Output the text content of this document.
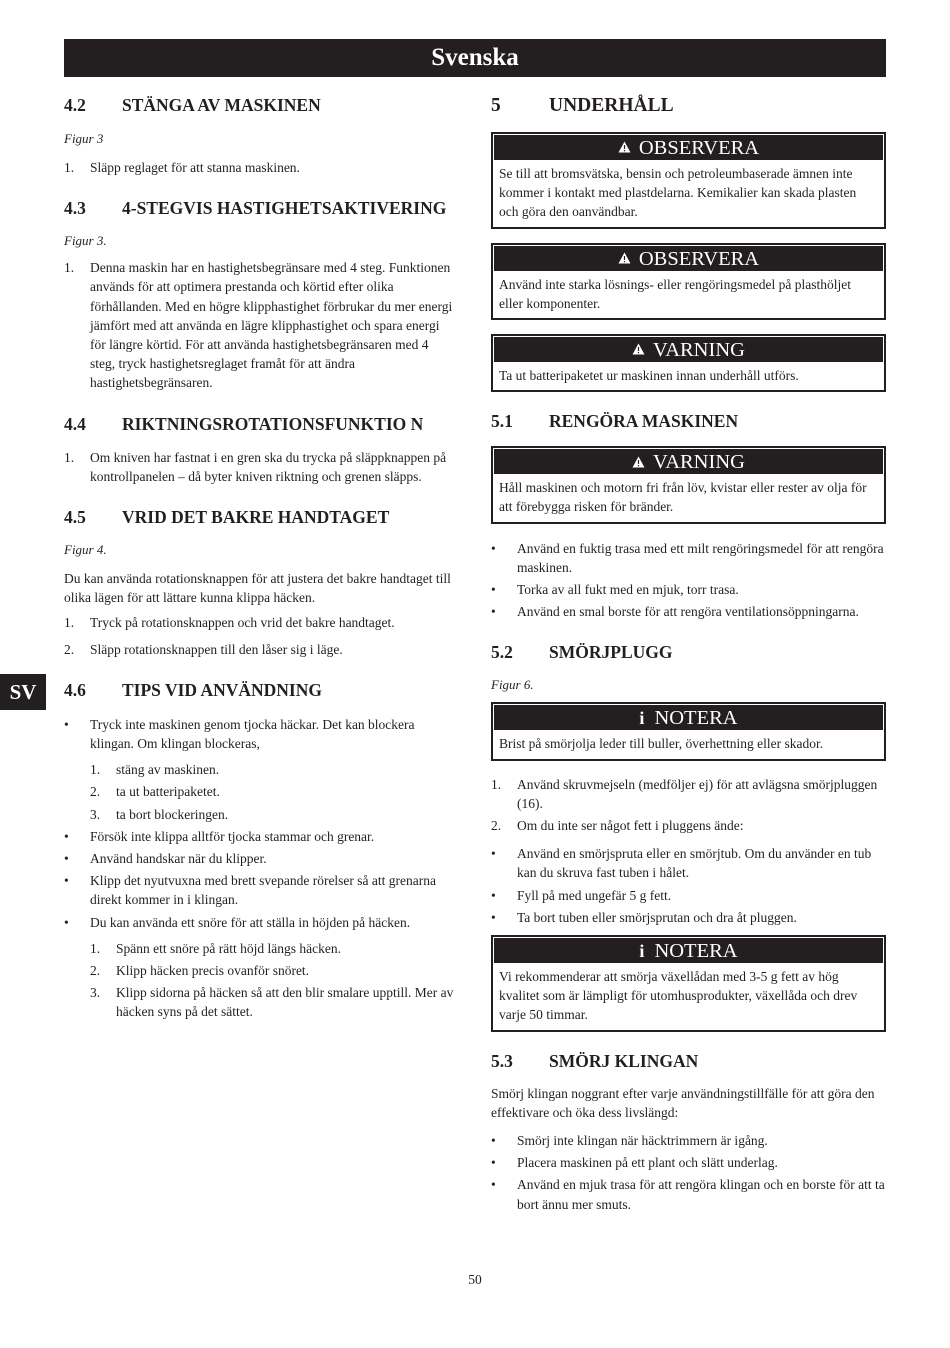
Svenska
SV
4.2	STÄNGA AV MASKINEN

Figur 3

1. Släpp reglaget för att stanna maskinen.
4.3	4-STEGVIS HASTIGHETSAKTIVERING

Figur 3.

1. Denna maskin har en hastighetsbegränsare med 4 steg. Funktionen används för att optimera prestanda och körtid efter olika förhållanden. Med en högre klipphastighet förbrukar du mer energi jämfört med att använda en lägre klipphastighet och spara energi för längre körtid. För att använda hastighetsbegränsaren med 4 steg, tryck hastighetsreglaget framåt för att ändra hastighetsbegränsaren.
4.4	RIKTNINGSROTATIONSFUNKTIO N
1. Om kniven har fastnat i en gren ska du trycka på släppknappen på kontrollpanelen – då byter kniven riktning och grenen släpps.
4.5	VRID DET BAKRE HANDTAGET

Figur 4.

Du kan använda rotationsknappen för att justera det bakre handtaget till olika lägen för att lättare kunna klippa häcken.

1. Tryck på rotationsknappen och vrid det bakre handtaget.
2. Släpp rotationsknappen till den låser sig i läge.
4.6	TIPS VID ANVÄNDNING
• Tryck inte maskinen genom tjocka häckar. Det kan blockera klingan. Om klingan blockeras,
1. stäng av maskinen.
2. ta ut batteripaketet.
3. ta bort blockeringen.
• Försök inte klippa alltför tjocka stammar och grenar.
• Använd handskar när du klipper.
• Klipp det nyutvuxna med brett svepande rörelser så att grenarna direkt kommer in i klingan.
• Du kan använda ett snöre för att ställa in höjden på häcken.
1. Spänn ett snöre på rätt höjd längs häcken.
2. Klipp häcken precis ovanför snöret.
3. Klipp sidorna på häcken så att den blir smalare upptill. Mer av häcken syns på det sättet.
5	UNDERHÅLL
OBSERVERA
Se till att bromsvätska, bensin och petroleumbaserade ämnen inte kommer i kontakt med plastdelarna. Kemikalier kan skada plasten och göra den oanvändbar.
OBSERVERA
Använd inte starka lösnings- eller rengöringsmedel på plasthöljet eller komponenter.
VARNING
Ta ut batteripaketet ur maskinen innan underhåll utförs.
5.1	RENGÖRA MASKINEN
VARNING
Håll maskinen och motorn fri från löv, kvistar eller rester av olja för att förebygga risken för bränder.
• Använd en fuktig trasa med ett milt rengöringsmedel för att rengöra maskinen.
• Torka av all fukt med en mjuk, torr trasa.
• Använd en smal borste för att rengöra ventilationsöppningarna.
5.2	SMÖRJPLUGG

Figur 6.

i NOTERA
Brist på smörjolja leder till buller, överhettning eller skador.
1. Använd skruvmejseln (medföljer ej) för att avlägsna smörjpluggen (16).
2. Om du inte ser något fett i pluggens ände:
• Använd en smörjspruta eller en smörjtub. Om du använder en tub kan du skruva fast tuben i hålet.
• Fyll på med ungefär 5 g fett.
• Ta bort tuben eller smörjsprutan och dra åt pluggen.
i NOTERA
Vi rekommenderar att smörja växellådan med 3-5 g fett av hög kvalitet som är lämpligt för utomhusprodukter, växellåda och drev varje 50 timmar.
5.3	SMÖRJ KLINGAN

Smörj klingan noggrant efter varje användningstillfälle för att göra den effektivare och öka dess livslängd:

• Smörj inte klingan när häcktrimmern är igång.
• Placera maskinen på ett plant och slätt underlag.
• Använd en mjuk trasa för att rengöra klingan och en borste för att ta bort ännu mer smuts.
50
